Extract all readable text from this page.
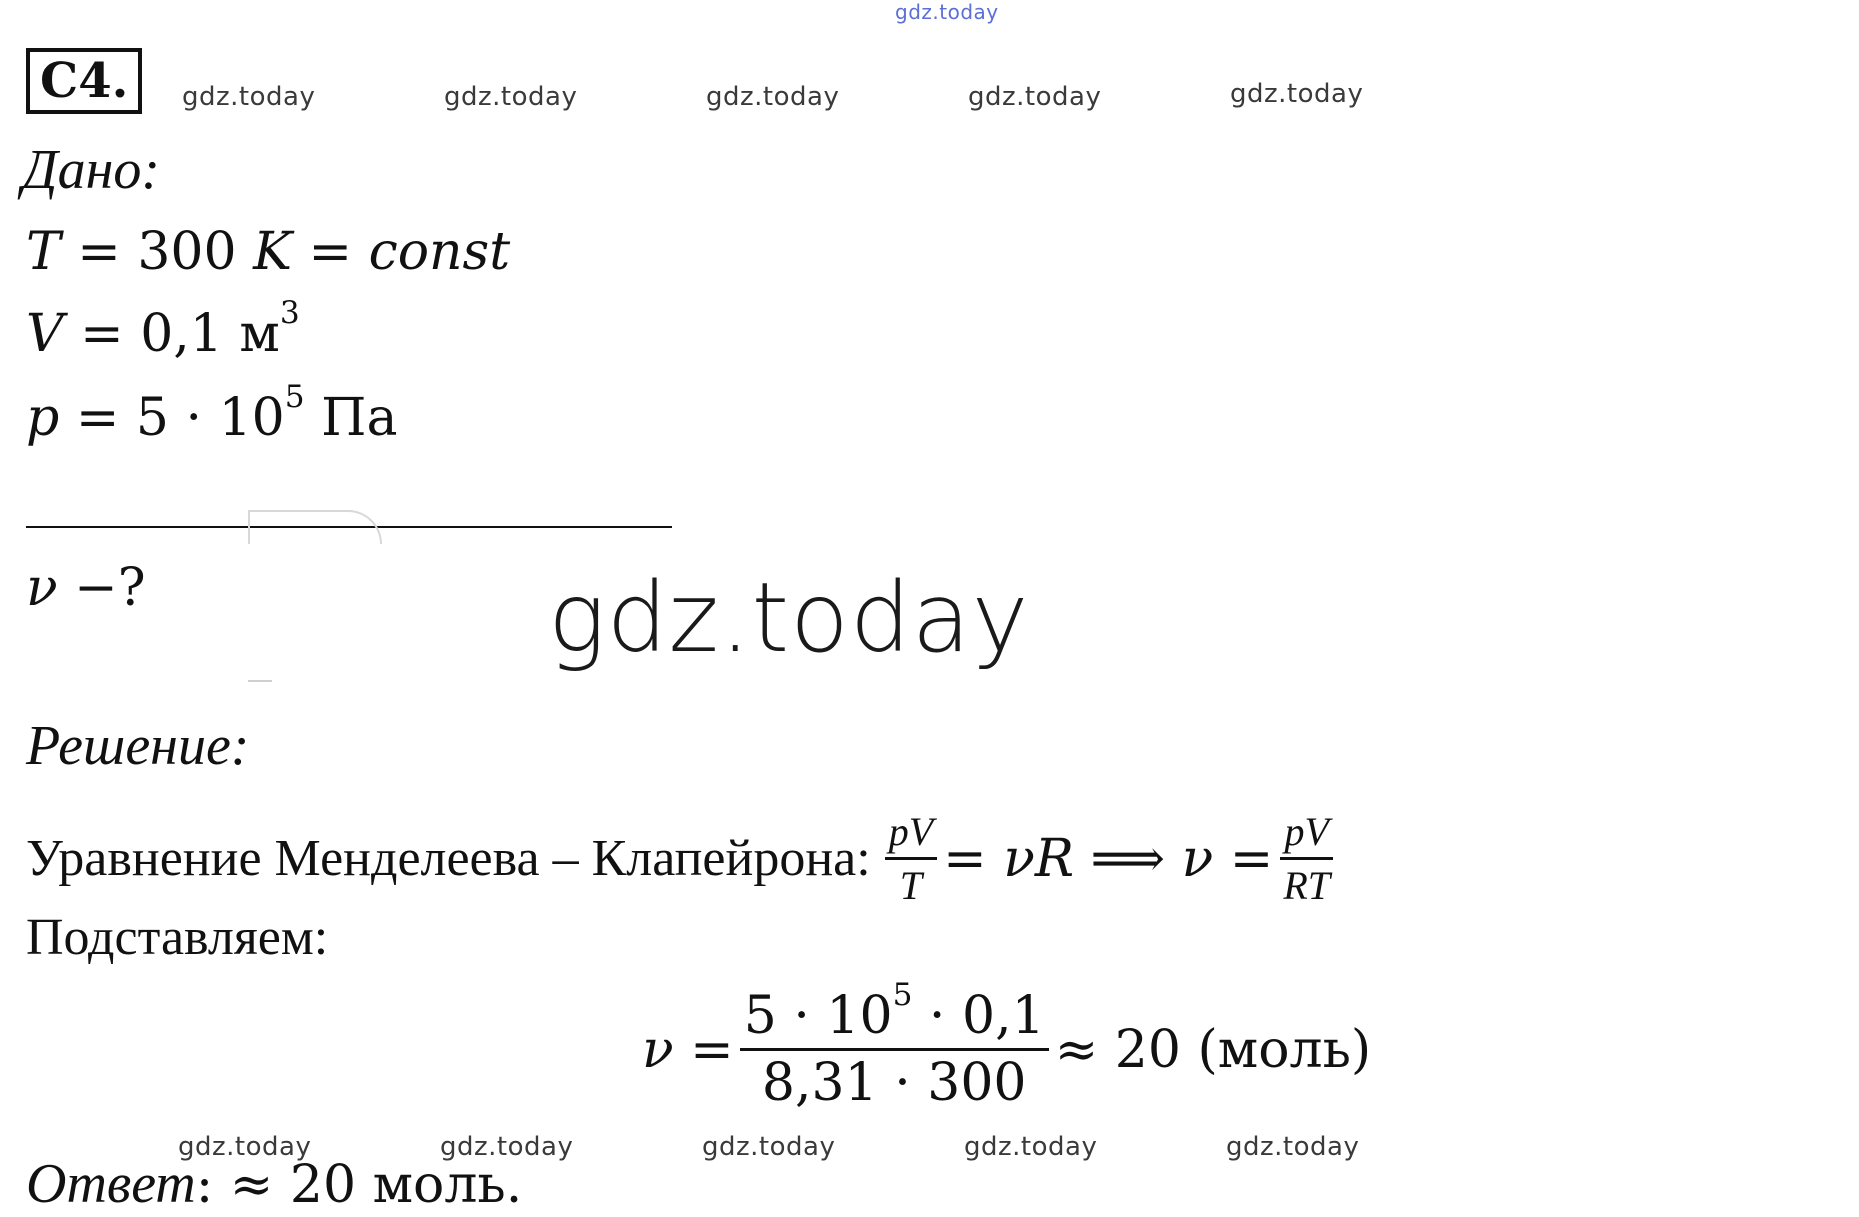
gdz.today
gdz.today	gdz.today	gdz.today	gdz.today	gdz.today
C4.
Дано:
T = 300 K = const
V = 0,1 $м^3$
$p = 5 \cdot 10^5$ Па
ν −?	gdz.today
Решение:
Уравнение Менделеева – Клапейрона: $\frac{pV}{T} = \nu R$ ⟹ $\nu = \frac{pV}{RT}$
Подставляем:
$\nu = \frac{5 \cdot 10^5 \cdot 0,1}{8,31 \cdot 300} \approx 20$ (моль)
gdz.today	gdz.today	gdz.today	gdz.today	gdz.today
Ответ: ≈ 20 моль.
